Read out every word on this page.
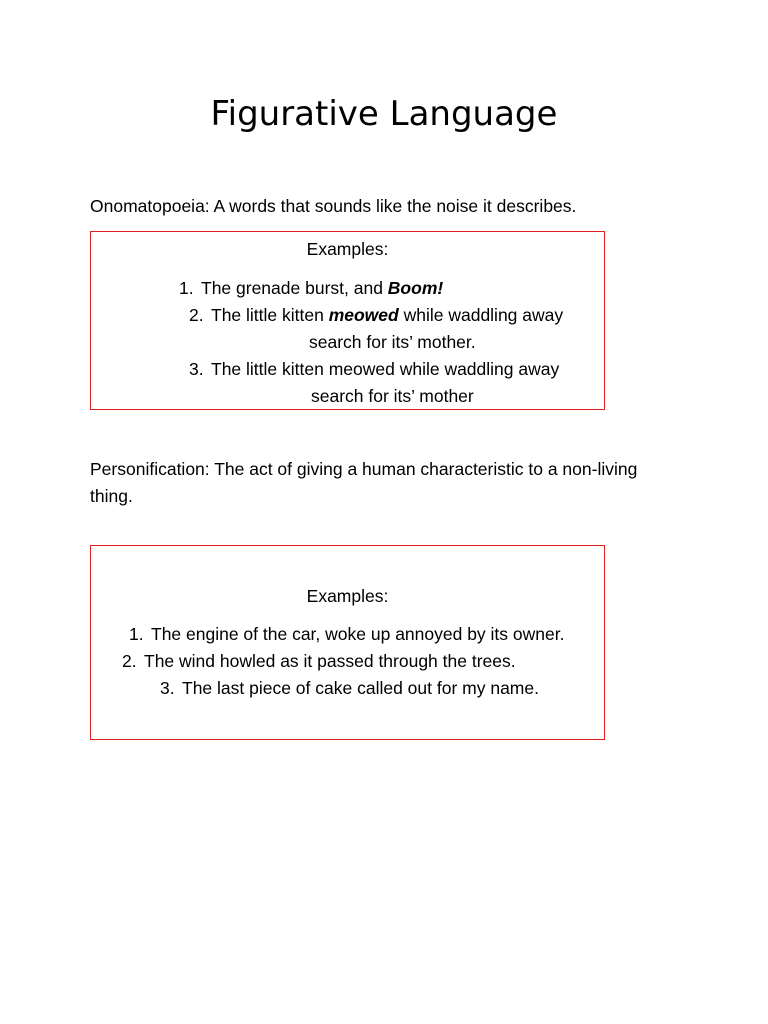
Figurative Language

Onomatopoeia: A words that sounds like the noise it describes.

Examples:

1. The grenade burst, and Boom!

2. The little kitten meowed while waddling away

search for its’ mother.

3. The little kitten meowed while waddling away

search for its’ mother

Personification: The act of giving a human characteristic to a non-living

thing.

Examples:

1. The engine of the car, woke up annoyed by its owner.

2. The wind howled as it passed through the trees.

3. The last piece of cake called out for my name.
